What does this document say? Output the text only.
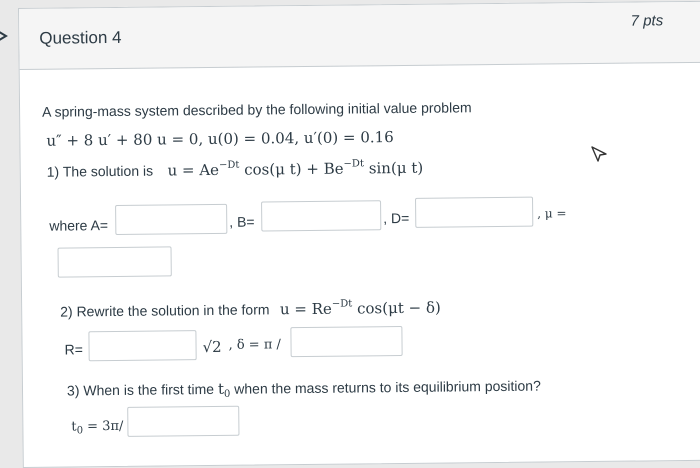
Question 4
7 pts
A spring-mass system described by the following initial value problem
u″ + 8 u′ + 80 u = 0, u(0) = 0.04, u′(0) = 0.16
1) The solution is $u = Ae^{-Dt}$ cos(μ $t) + Be^{-Dt}$ sin(μ t)
where A=	, B=	, D=	, μ =
2) Rewrite the solution in the form $u = Re^{-Dt}$ cos(μt − δ)
R=	√2 , δ = π /
3) When is the first time $t_0$ when the mass returns to its equilibrium position?
$t_0 = 3\pi/$
